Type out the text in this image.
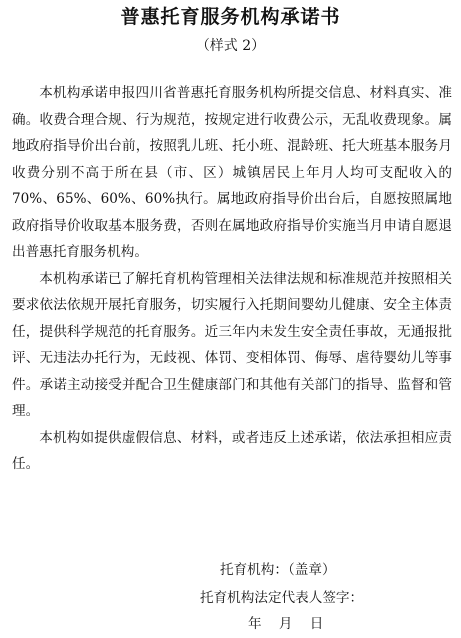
普惠托育服务机构承诺书
（样式 2）

本机构承诺申报四川省普惠托育服务机构所提交信息、材料真实、准确。收费合理合规、行为规范，按规定进行收费公示，无乱收费现象。属地政府指导价出台前，按照乳儿班、托小班、混龄班、托大班基本服务月收费分别不高于所在县（市、区）城镇居民上年月人均可支配收入的70%、65%、60%、60%执行。属地政府指导价出台后，自愿按照属地政府指导价收取基本服务费，否则在属地政府指导价实施当月申请自愿退出普惠托育服务机构。

本机构承诺已了解托育机构管理相关法律法规和标准规范并按照相关要求依法依规开展托育服务，切实履行入托期间婴幼儿健康、安全主体责任，提供科学规范的托育服务。近三年内未发生安全责任事故，无通报批评、无违法办托行为，无歧视、体罚、变相体罚、侮辱、虐待婴幼儿等事件。承诺主动接受并配合卫生健康部门和其他有关部门的指导、监督和管理。

本机构如提供虚假信息、材料，或者违反上述承诺，依法承担相应责任。

托育机构：（盖章）
托育机构法定代表人签字：
年    月    日
